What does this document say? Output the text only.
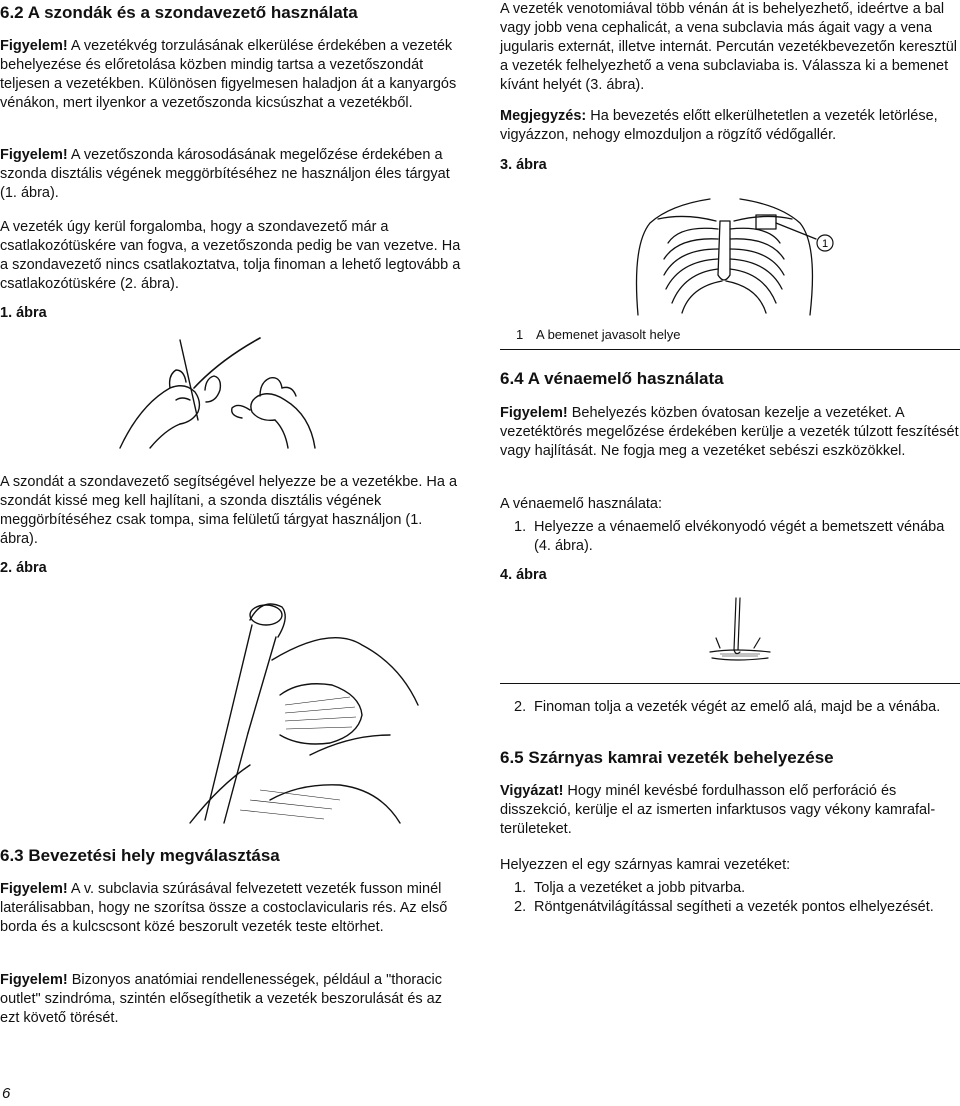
6.2 A szondák és a szondavezető használata

Figyelem! A vezetékvég torzulásának elkerülése érdekében a vezeték behelyezése és előretolása közben mindig tartsa a vezetőszondát teljesen a vezetékben. Különösen figyelmesen haladjon át a kanyargós vénákon, mert ilyenkor a vezetőszonda kicsúszhat a vezetékből.

Figyelem! A vezetőszonda károsodásának megelőzése érdekében a szonda disztális végének meggörbítéséhez ne használjon éles tárgyat (1. ábra).

A vezeték úgy kerül forgalomba, hogy a szondavezető már a csatlakozótüskére van fogva, a vezetőszonda pedig be van vezetve. Ha a szondavezető nincs csatlakoztatva, tolja finoman a lehető legtovább a csatlakozótüskére (2. ábra).

1. ábra

A szondát a szondavezető segítségével helyezze be a vezetékbe. Ha a szondát kissé meg kell hajlítani, a szonda disztális végének meggörbítéséhez csak tompa, sima felületű tárgyat használjon (1. ábra).

2. ábra
6.3 Bevezetési hely megválasztása

Figyelem! A v. subclavia szúrásával felvezetett vezeték fusson minél laterálisabban, hogy ne szorítsa össze a costoclavicularis rés. Az első borda és a kulcscsont közé beszorult vezeték teste eltörhet.

Figyelem! Bizonyos anatómiai rendellenességek, például a "thoracic outlet" szindróma, szintén elősegíthetik a vezeték beszorulását és az ezt követő törését.

6

A vezeték venotomiával több vénán át is behelyezhető, ideértve a bal vagy jobb vena cephalicát, a vena subclavia más ágait vagy a vena jugularis externát, illetve internát. Percután vezetékbevezetőn keresztül a vezeték felhelyezhető a vena subclaviaba is. Válassza ki a bemenet kívánt helyét (3. ábra).

Megjegyzés: Ha bevezetés előtt elkerülhetetlen a vezeték letörlése, vigyázzon, nehogy elmozduljon a rögzítő védőgallér.

3. ábra
1
1 A bemenet javasolt helye
6.4 A vénaemelő használata

Figyelem! Behelyezés közben óvatosan kezelje a vezetéket. A vezetéktörés megelőzése érdekében kerülje a vezeték túlzott feszítését vagy hajlítását. Ne fogja meg a vezetéket sebészi eszközökkel.

A vénaemelő használata:

1. Helyezze a vénaemelő elvékonyodó végét a bemetszett vénába (4. ábra).
4. ábra
2. Finoman tolja a vezeték végét az emelő alá, majd be a vénába.
6.5 Szárnyas kamrai vezeték behelyezése

Vigyázat! Hogy minél kevésbé fordulhasson elő perforáció és disszekció, kerülje el az ismerten infarktusos vagy vékony kamrafal-területeket.

Helyezzen el egy szárnyas kamrai vezetéket:

1. Tolja a vezetéket a jobb pitvarba.
2. Röntgenátvilágítással segítheti a vezeték pontos elhelyezését.
